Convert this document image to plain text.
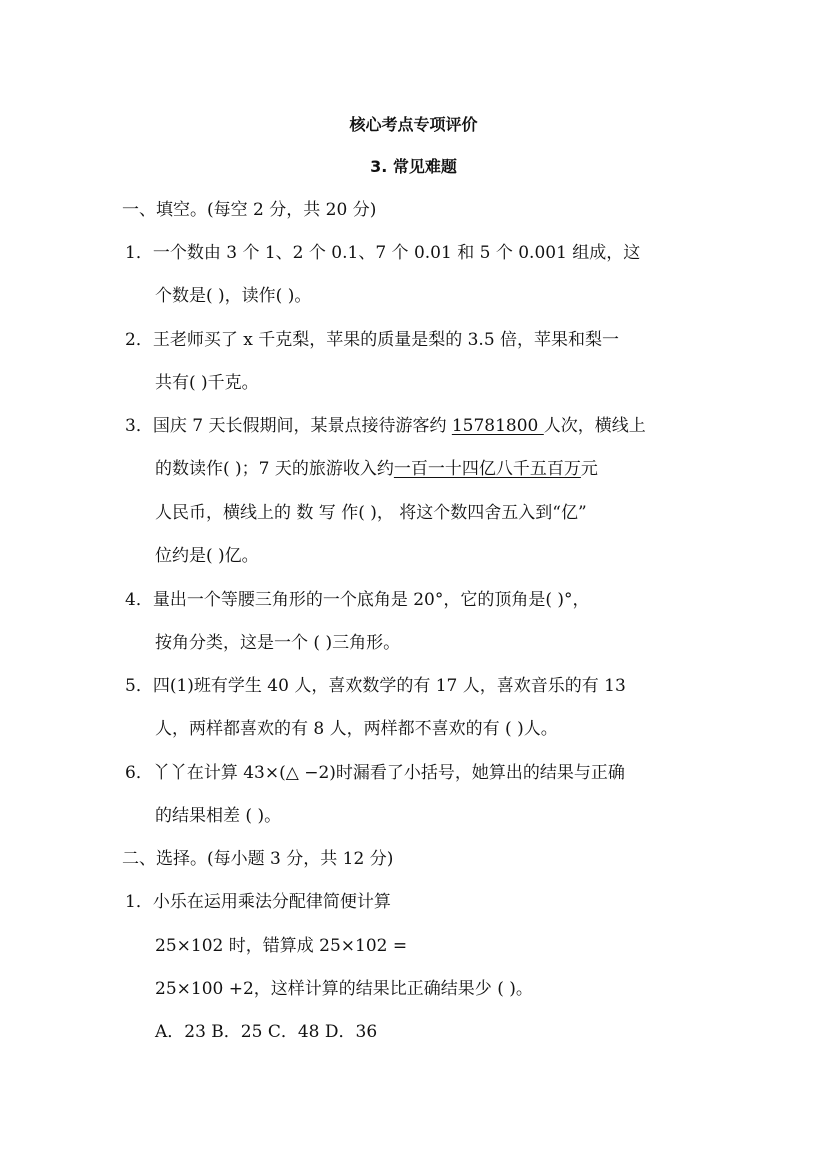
核心考点专项评价
3. 常见难题
一、填空。(每空 2 分，共 20 分)
1．一个数由 3 个 1、2 个 0.1、7 个 0.01 和 5 个 0.001 组成，这
个数是( )，读作( )。
2．王老师买了 x 千克梨，苹果的质量是梨的 3.5 倍，苹果和梨一
共有( )千克。
3．国庆 7 天长假期间，某景点接待游客约 15781800 人次，横线上
的数读作( )；7 天的旅游收入约一百一十四亿八千五百万元
人民币，横线上的 数 写 作( )， 将这个数四舍五入到“亿”
位约是( )亿。
4．量出一个等腰三角形的一个底角是 20°，它的顶角是( )°，
按角分类，这是一个 ( )三角形。
5．四(1)班有学生 40 人，喜欢数学的有 17 人，喜欢音乐的有 13
人，两样都喜欢的有 8 人，两样都不喜欢的有 ( )人。
6．丫丫在计算 43×(△ −2)时漏看了小括号，她算出的结果与正确
的结果相差 ( )。
二、选择。(每小题 3 分，共 12 分)
1．小乐在运用乘法分配律简便计算
25×102 时，错算成 25×102 =
25×100 +2，这样计算的结果比正确结果少 ( )。
A．23 B．25 C．48 D．36
